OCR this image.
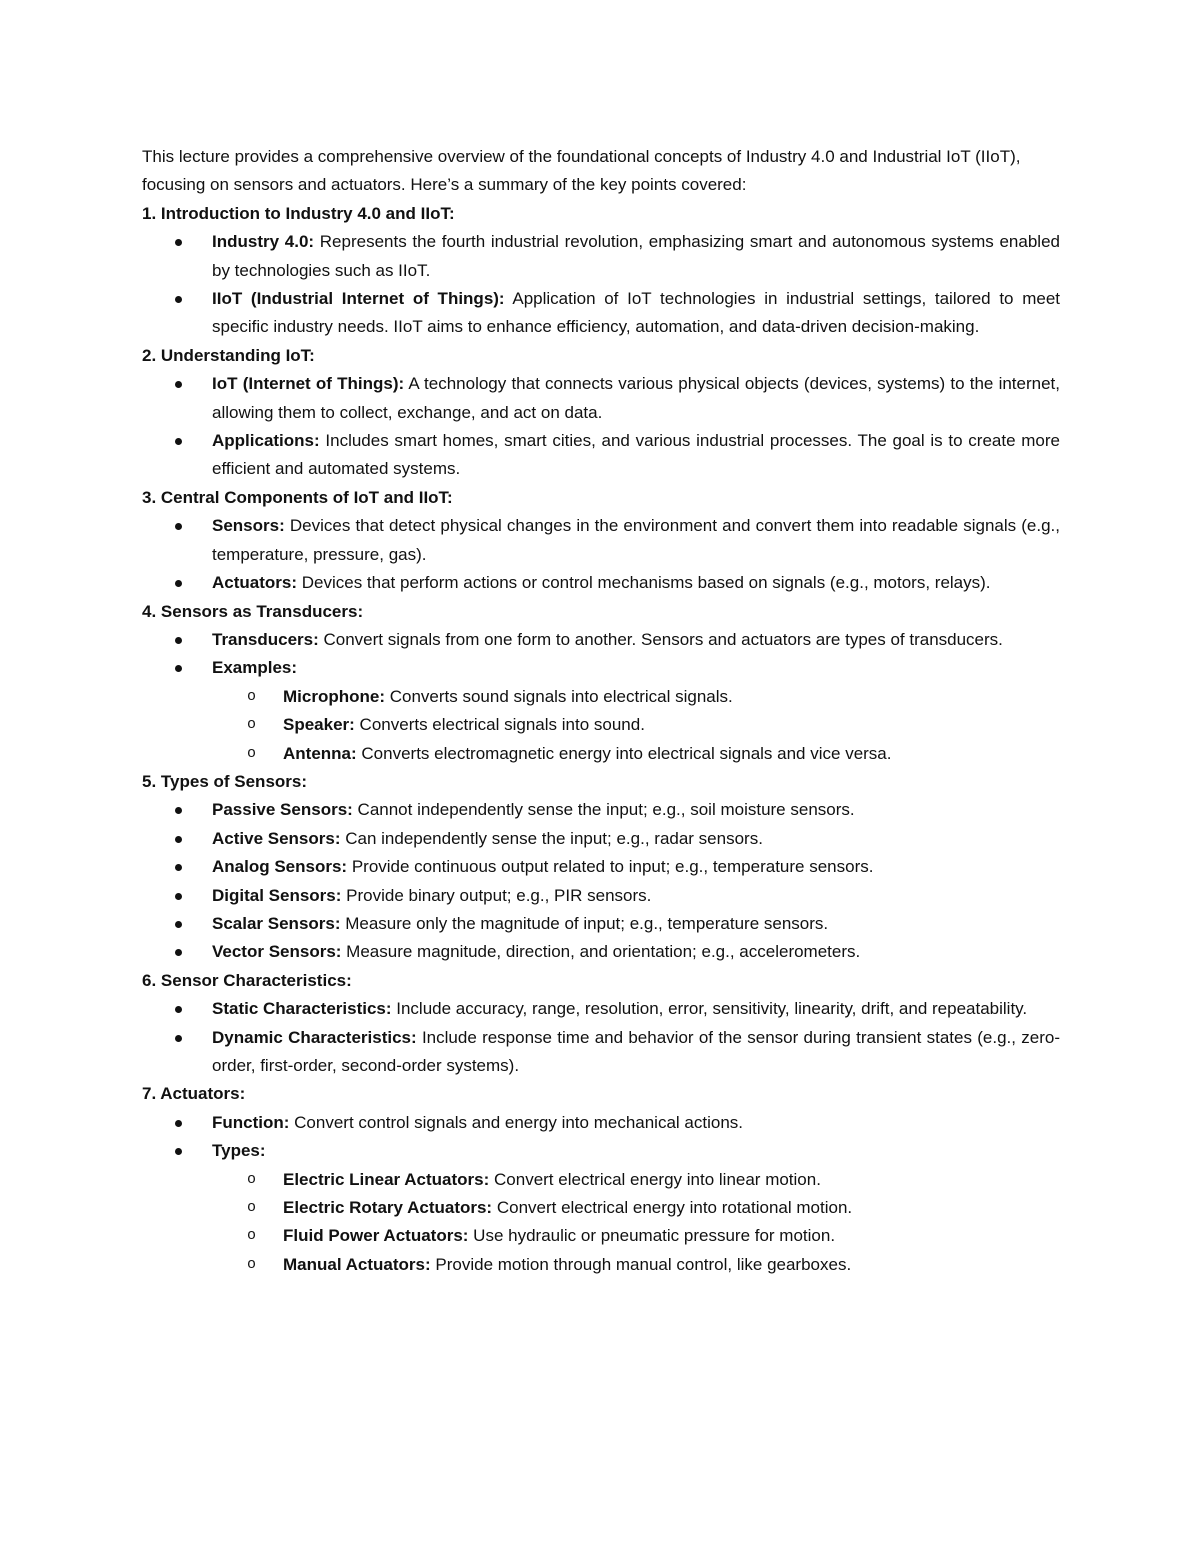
This lecture provides a comprehensive overview of the foundational concepts of Industry 4.0 and Industrial IoT (IIoT), focusing on sensors and actuators. Here’s a summary of the key points covered:

1. Introduction to Industry 4.0 and IIoT:

Industry 4.0: Represents the fourth industrial revolution, emphasizing smart and autonomous systems enabled by technologies such as IIoT.
IIoT (Industrial Internet of Things): Application of IoT technologies in industrial settings, tailored to meet specific industry needs. IIoT aims to enhance efficiency, automation, and data-driven decision-making.

2. Understanding IoT:

IoT (Internet of Things): A technology that connects various physical objects (devices, systems) to the internet, allowing them to collect, exchange, and act on data.
Applications: Includes smart homes, smart cities, and various industrial processes. The goal is to create more efficient and automated systems.

3. Central Components of IoT and IIoT:

Sensors: Devices that detect physical changes in the environment and convert them into readable signals (e.g., temperature, pressure, gas).
Actuators: Devices that perform actions or control mechanisms based on signals (e.g., motors, relays).

4. Sensors as Transducers:

Transducers: Convert signals from one form to another. Sensors and actuators are types of transducers.
Examples:
o Microphone: Converts sound signals into electrical signals.
o Speaker: Converts electrical signals into sound.
o Antenna: Converts electromagnetic energy into electrical signals and vice versa.

5. Types of Sensors:

Passive Sensors: Cannot independently sense the input; e.g., soil moisture sensors.
Active Sensors: Can independently sense the input; e.g., radar sensors.
Analog Sensors: Provide continuous output related to input; e.g., temperature sensors.
Digital Sensors: Provide binary output; e.g., PIR sensors.
Scalar Sensors: Measure only the magnitude of input; e.g., temperature sensors.
Vector Sensors: Measure magnitude, direction, and orientation; e.g., accelerometers.

6. Sensor Characteristics:

Static Characteristics: Include accuracy, range, resolution, error, sensitivity, linearity, drift, and repeatability.
Dynamic Characteristics: Include response time and behavior of the sensor during transient states (e.g., zero-order, first-order, second-order systems).

7. Actuators:

Function: Convert control signals and energy into mechanical actions.
Types:
o Electric Linear Actuators: Convert electrical energy into linear motion.
o Electric Rotary Actuators: Convert electrical energy into rotational motion.
o Fluid Power Actuators: Use hydraulic or pneumatic pressure for motion.
o Manual Actuators: Provide motion through manual control, like gearboxes.
